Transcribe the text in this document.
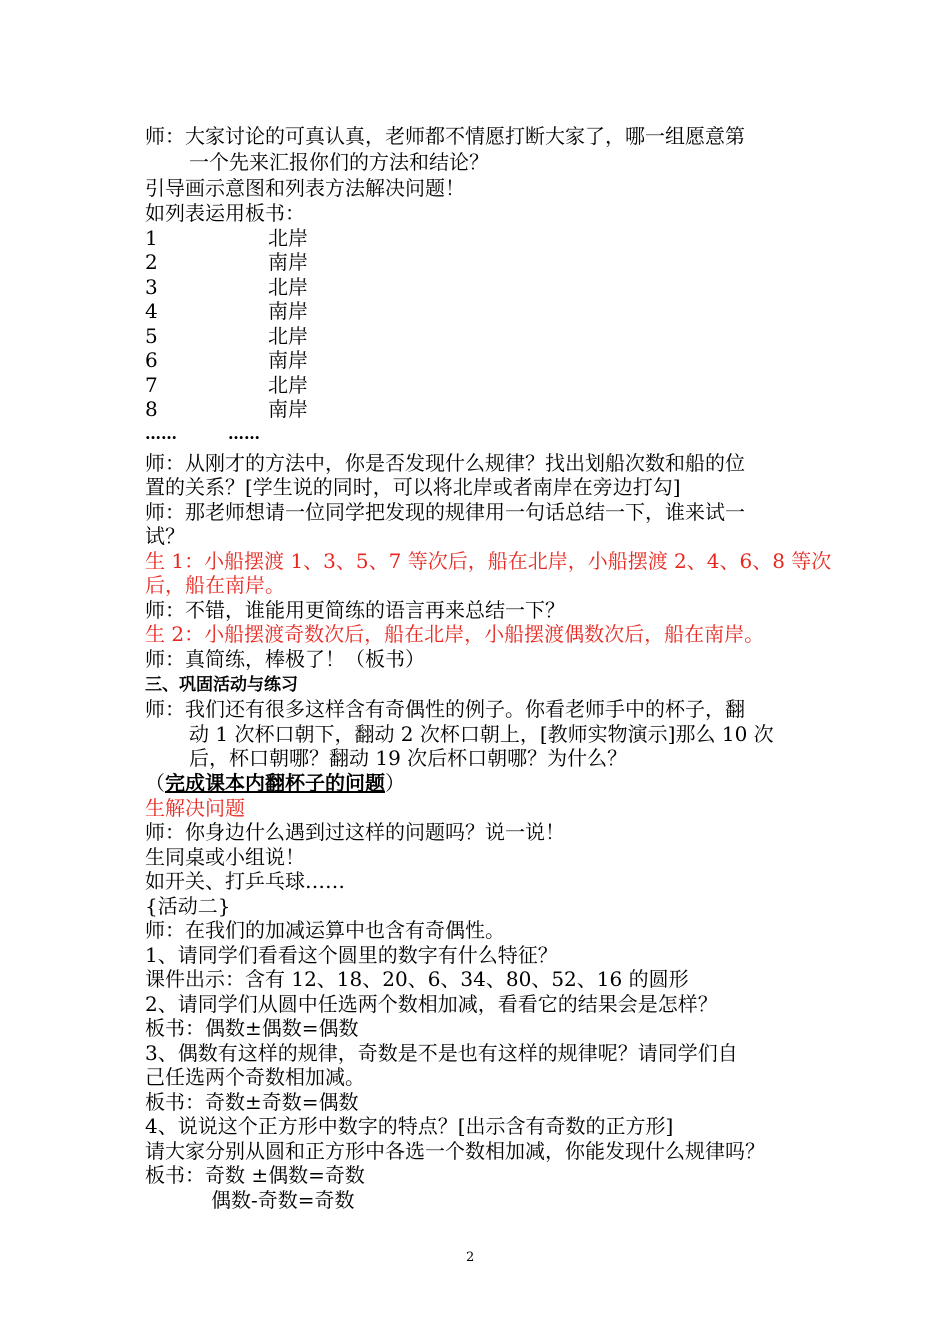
师：大家讨论的可真认真，老师都不情愿打断大家了，哪一组愿意第
一个先来汇报你们的方法和结论？
引导画示意图和列表方法解决问题！
如列表运用板书：
1	北岸
2	南岸
3	北岸
4	南岸
5	北岸
6	南岸
7	北岸
8	南岸
……	……
师：从刚才的方法中，你是否发现什么规律？找出划船次数和船的位
置的关系？[学生说的同时，可以将北岸或者南岸在旁边打勾]
师：那老师想请一位同学把发现的规律用一句话总结一下，谁来试一
试？
生 1：小船摆渡 1、3、5、7 等次后，船在北岸，小船摆渡 2、4、6、8 等次
后，船在南岸。
师：不错，谁能用更简练的语言再来总结一下？
生 2：小船摆渡奇数次后，船在北岸，小船摆渡偶数次后，船在南岸。
师：真简练，棒极了！（板书）
三、巩固活动与练习
师：我们还有很多这样含有奇偶性的例子。你看老师手中的杯子，翻
动 1 次杯口朝下，翻动 2 次杯口朝上，[教师实物演示]那么 10 次
后，杯口朝哪？翻动 19 次后杯口朝哪？为什么？
（完成课本内翻杯子的问题）
生解决问题
师：你身边什么遇到过这样的问题吗？说一说！
生同桌或小组说！
如开关、打乒乓球……
{活动二}
师：在我们的加减运算中也含有奇偶性。
1、请同学们看看这个圆里的数字有什么特征？
课件出示：含有 12、18、20、6、34、80、52、16 的圆形
2、请同学们从圆中任选两个数相加减，看看它的结果会是怎样？
板书：偶数±偶数=偶数
3、偶数有这样的规律，奇数是不是也有这样的规律呢？请同学们自
己任选两个奇数相加减。
板书：奇数±奇数=偶数
4、说说这个正方形中数字的特点？[出示含有奇数的正方形]
请大家分别从圆和正方形中各选一个数相加减，你能发现什么规律吗？
板书：奇数 ±偶数=奇数
偶数-奇数=奇数
2
